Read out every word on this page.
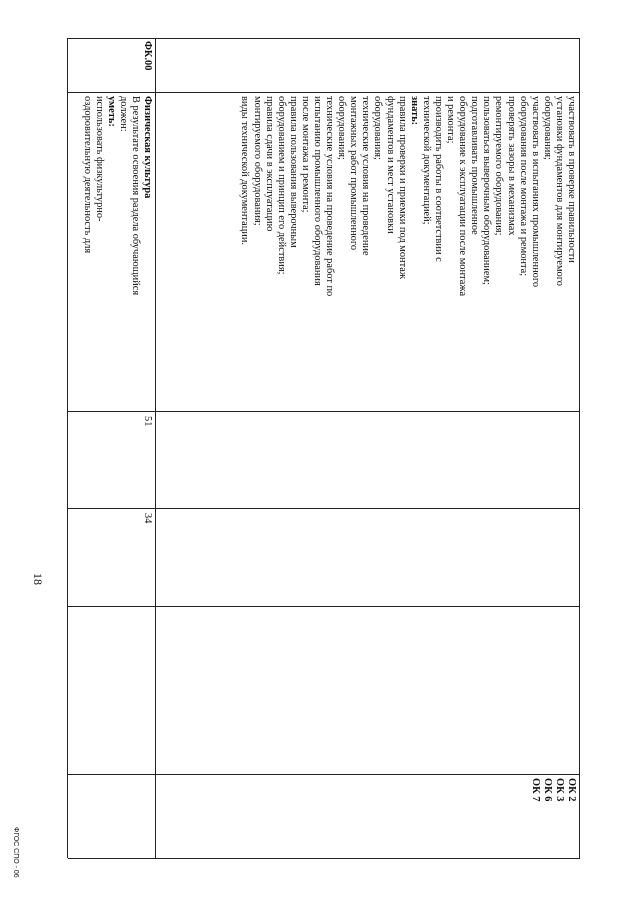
участвовать в проверке правильности
установки фундаментов для монтируемого
оборудования;
участвовать в испытаниях промышленного
оборудования после монтажа и ремонта;
проверять зазоры в механизмах
ремонтируемого оборудования;
пользоваться выверочным оборудованием;
подготавливать промышленное
оборудование к эксплуатации после монтажа
и ремонта;
производить работы в соответствии с
технической документацией;
знать:
правила проверки и приемки под монтаж
фундаментов и мест установки
оборудования;
технические условия на проведение
монтажных работ промышленного
оборудования;
технические условия на проведение работ по
испытанию промышленного оборудования
после монтажа и ремонта;
правила пользования выверочным
оборудованием и принцип его действия;
правила сдачи в эксплуатацию
монтируемого оборудования;
виды технической документации.
ОК 2
ОК 3
ОК 6
ОК 7
ФК.00
Физическая культура
В результате освоения раздела обучающийся
должен:
уметь:
использовать физкультурно-
оздоровительную деятельность для
51
34
18
ФГОС СПО - 06
